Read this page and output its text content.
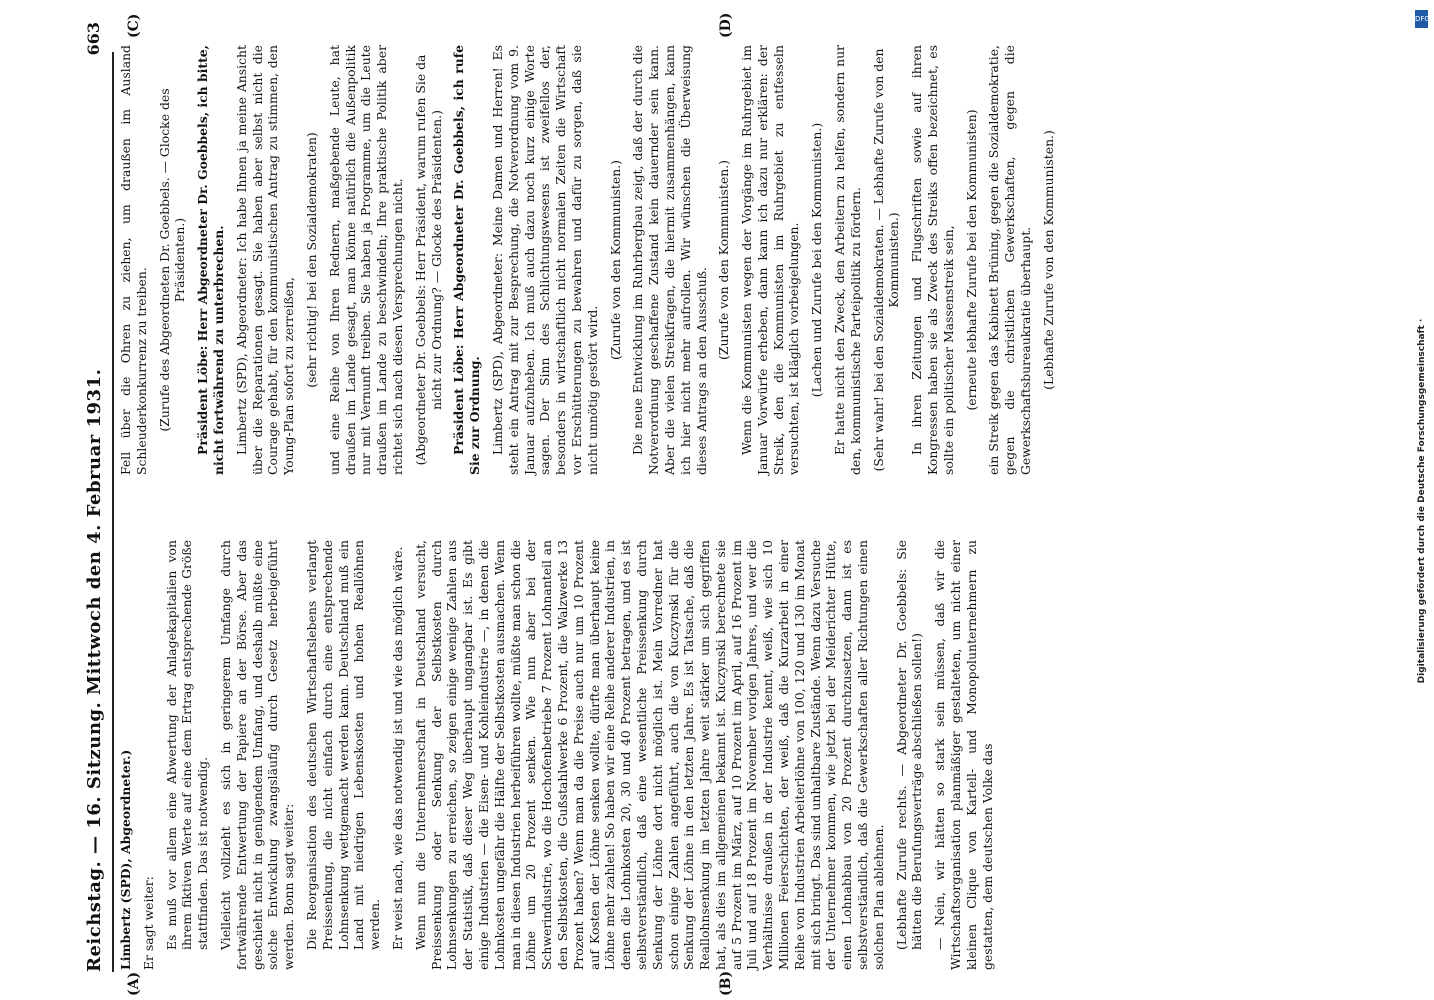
Reichstag. — 16. Sitzung. Mittwoch den 4. Februar 1931.
663
(A)	(B)
(C)	(D)

Limbertz (SPD), Abgeordneter.) Er sagt weiter: Es muß vor allem eine Abwertung der Anlagekapitalien von ihrem fiktiven Werte auf eine dem Ertrag entsprechende Größe stattfinden. Das ist notwendig. Vielleicht vollzieht es sich in geringerem Umfange durch fortwährende Entwertung der Papiere an der Börse. Aber das geschieht nicht in genügendem Umfang, und deshalb müßte eine solche Entwicklung zwangsläufig durch Gesetz herbeigeführt werden. Bonn sagt weiter: Die Reorganisation des deutschen Wirtschaftslebens verlangt Preissenkung, die nicht einfach durch eine entsprechende Lohnsenkung wettgemacht werden kann. Deutschland muß ein Land mit niedrigen Lebenskosten und hohen Reallöhnen werden. Er weist nach, wie das notwendig ist und wie das möglich wäre. Wenn nun die Unternehmerschaft in Deutschland versucht, Preissenkung oder Senkung der Selbstkosten durch Lohnsenkungen zu erreichen, so zeigen einige wenige Zahlen aus der Statistik, daß dieser Weg überhaupt ungangbar ist. Es gibt einige Industrien — die Eisen- und Kohleindustrie —, in denen die Lohnkosten ungefähr die Hälfte der Selbstkosten ausmachen. Wenn man in diesen Industrien herbeiführen wollte, müßte man schon die Löhne um 20 Prozent senken. Wie nun aber bei der Schwerindustrie, wo die Hochofenbetriebe 7 Prozent Lohnanteil an den Selbstkosten, die Gußstahlwerke 6 Prozent, die Walzwerke 13 Prozent haben? Wenn man da die Preise auch nur um 10 Prozent auf Kosten der Löhne senken wollte, dürfte man überhaupt keine Löhne mehr zahlen! So haben wir eine Reihe anderer Industrien, in denen die Lohnkosten 20, 30 und 40 Prozent betragen, und es ist selbstverständlich, daß eine wesentliche Preissenkung durch Senkung der Löhne dort nicht möglich ist. Mein Vorredner hat schon einige Zahlen angeführt, auch die von Kuczynski für die Senkung der Löhne in den letzten Jahre. Es ist Tatsache, daß die Reallohnsenkung im letzten Jahre weit stärker um sich gegriffen hat, als dies im allgemeinen bekannt ist. Kuczynski berechnete sie auf 5 Prozent im März, auf 10 Prozent im April, auf 16 Prozent im Juli und auf 18 Prozent im November vorigen Jahres, und wer die Verhältnisse draußen in der Industrie kennt, weiß, wie sich 10 Millionen Feierschichten, der weiß, daß die Kurzarbeit in einer Reihe von Industrien Arbeiterlöhne von 100, 120 und 130 im Monat mit sich bringt. Das sind unhaltbare Zustände. Wenn dazu Versuche der Unternehmer kommen, wie jetzt bei der Meiderichter Hütte, einen Lohnabbau von 20 Prozent durchzusetzen, dann ist es selbstverständlich, daß die Gewerkschaften aller Richtungen einen solchen Plan ablehnen. (Lebhafte Zurufe rechts. — Abgeordneter Dr. Goebbels: Sie hätten die Berufungsverträge abschließen sollen!) — Nein, wir hätten so stark sein müssen, daß wir die Wirtschaftsorganisation planmäßiger gestalteten, um nicht einer kleinen Clique von Kartell- und Monopolunternehmern zu gestatten, dem deutschen Volke das

Fell über die Ohren zu ziehen, um draußen im Ausland Schleuderkonkurrenz zu treiben. (Zurufe des Abgeordneten Dr. Goebbels. — Glocke des Präsidenten.) Präsident Löbe: Herr Abgeordneter Dr. Goebbels, ich bitte, nicht fortwährend zu unterbrechen. Limbertz (SPD), Abgeordneter: Ich habe Ihnen ja meine Ansicht über die Reparationen gesagt. Sie haben aber selbst nicht die Courage gehabt, für den kommunistischen Antrag zu stimmen, den Young-Plan sofort zu zerreißen, (sehr richtig! bei den Sozialdemokraten) und eine Reihe von Ihren Rednern, maßgebende Leute, hat draußen im Lande gesagt, man könne natürlich die Außenpolitik nur mit Vernunft treiben. Sie haben ja Programme, um die Leute draußen im Lande zu beschwindeln; Ihre praktische Politik aber richtet sich nach diesen Versprechungen nicht. (Abgeordneter Dr. Goebbels: Herr Präsident, warum rufen Sie da nicht zur Ordnung? — Glocke des Präsidenten.) Präsident Löbe: Herr Abgeordneter Dr. Goebbels, ich rufe Sie zur Ordnung. Limbertz (SPD), Abgeordneter: Meine Damen und Herren! Es steht ein Antrag mit zur Besprechung, die Notverordnung vom 9. Januar aufzuheben. Ich muß auch dazu noch kurz einige Worte sagen. Der Sinn des Schlichtungswesens ist zweifellos der, besonders in wirtschaftlich nicht normalen Zeiten die Wirtschaft vor Erschütterungen zu bewahren und dafür zu sorgen, daß sie nicht unnötig gestört wird.

(Zurufe von den Kommunisten.) Die neue Entwicklung im Ruhrbergbau zeigt, daß der durch die Notverordnung geschaffene Zustand kein dauernder sein kann. Aber die vielen Streikfragen, die hiermit zusammenhängen, kann ich hier nicht mehr aufrollen. Wir wünschen die Überweisung dieses Antrags an den Ausschuß.

(Zurufe von den Kommunisten.) Wenn die Kommunisten wegen der Vorgänge im Ruhrgebiet im Januar Vorwürfe erheben, dann kann ich dazu nur erklären: der Streik, den die Kommunisten im Ruhrgebiet zu entfesseln versuchten, ist kläglich vorbeigelungen. (Lachen und Zurufe bei den Kommunisten.) Er hatte nicht den Zweck, den Arbeitern zu helfen, sondern nur den, kommunistische Parteipolitik zu fördern. (Sehr wahr! bei den Sozialdemokraten. — Lebhafte Zurufe von den Kommunisten.) In ihren Zeitungen und Flugschriften sowie auf ihren Kongressen haben sie als Zweck des Streiks offen bezeichnet, es sollte ein politischer Massenstreik sein, (erneute lebhafte Zurufe bei den Kommunisten) ein Streik gegen das Kabinett Brüning, gegen die Sozialdemokratie, gegen die christlichen Gewerkschaften, gegen die Gewerkschaftsbureaukratie überhaupt. (Lebhafte Zurufe von den Kommunisten.)

DFG
Digitalisierung gefördert durch die Deutsche Forschungsgemeinschaft ·
